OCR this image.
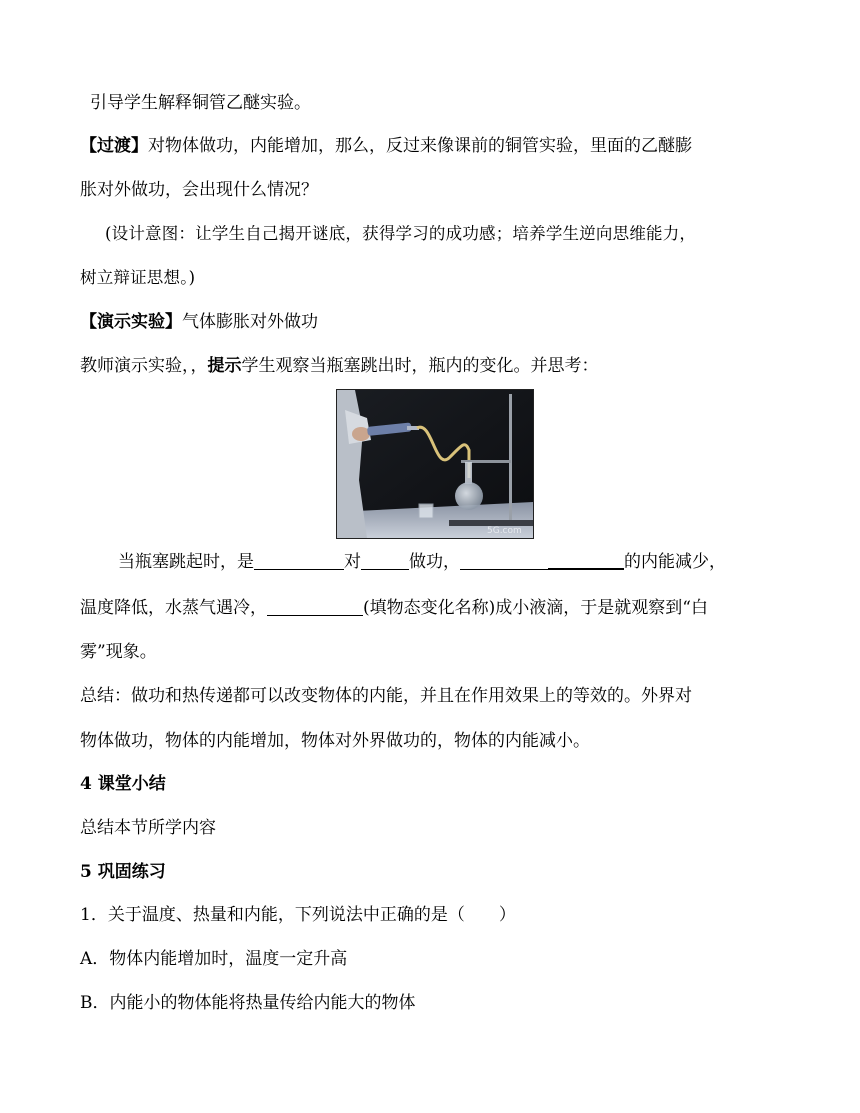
引导学生解释铜管乙醚实验。
【过渡】对物体做功，内能增加，那么，反过来像课前的铜管实验，里面的乙醚膨
胀对外做功，会出现什么情况？
(设计意图：让学生自己揭开谜底，获得学习的成功感；培养学生逆向思维能力，
树立辩证思想。)
【演示实验】气体膨胀对外做功
教师演示实验，，提示学生观察当瓶塞跳出时，瓶内的变化。并思考：
5G.com
当瓶塞跳起时，是	对	做功，	的内能减少，
温度降低，水蒸气遇冷，	(填物态变化名称)成小液滴，于是就观察到“白
雾”现象。
总结：做功和热传递都可以改变物体的内能，并且在作用效果上的等效的。外界对
物体做功，物体的内能增加，物体对外界做功的，物体的内能减小。
4 课堂小结
总结本节所学内容
5 巩固练习
1．关于温度、热量和内能，下列说法中正确的是（　　）
A．物体内能增加时，温度一定升高
B．内能小的物体能将热量传给内能大的物体
